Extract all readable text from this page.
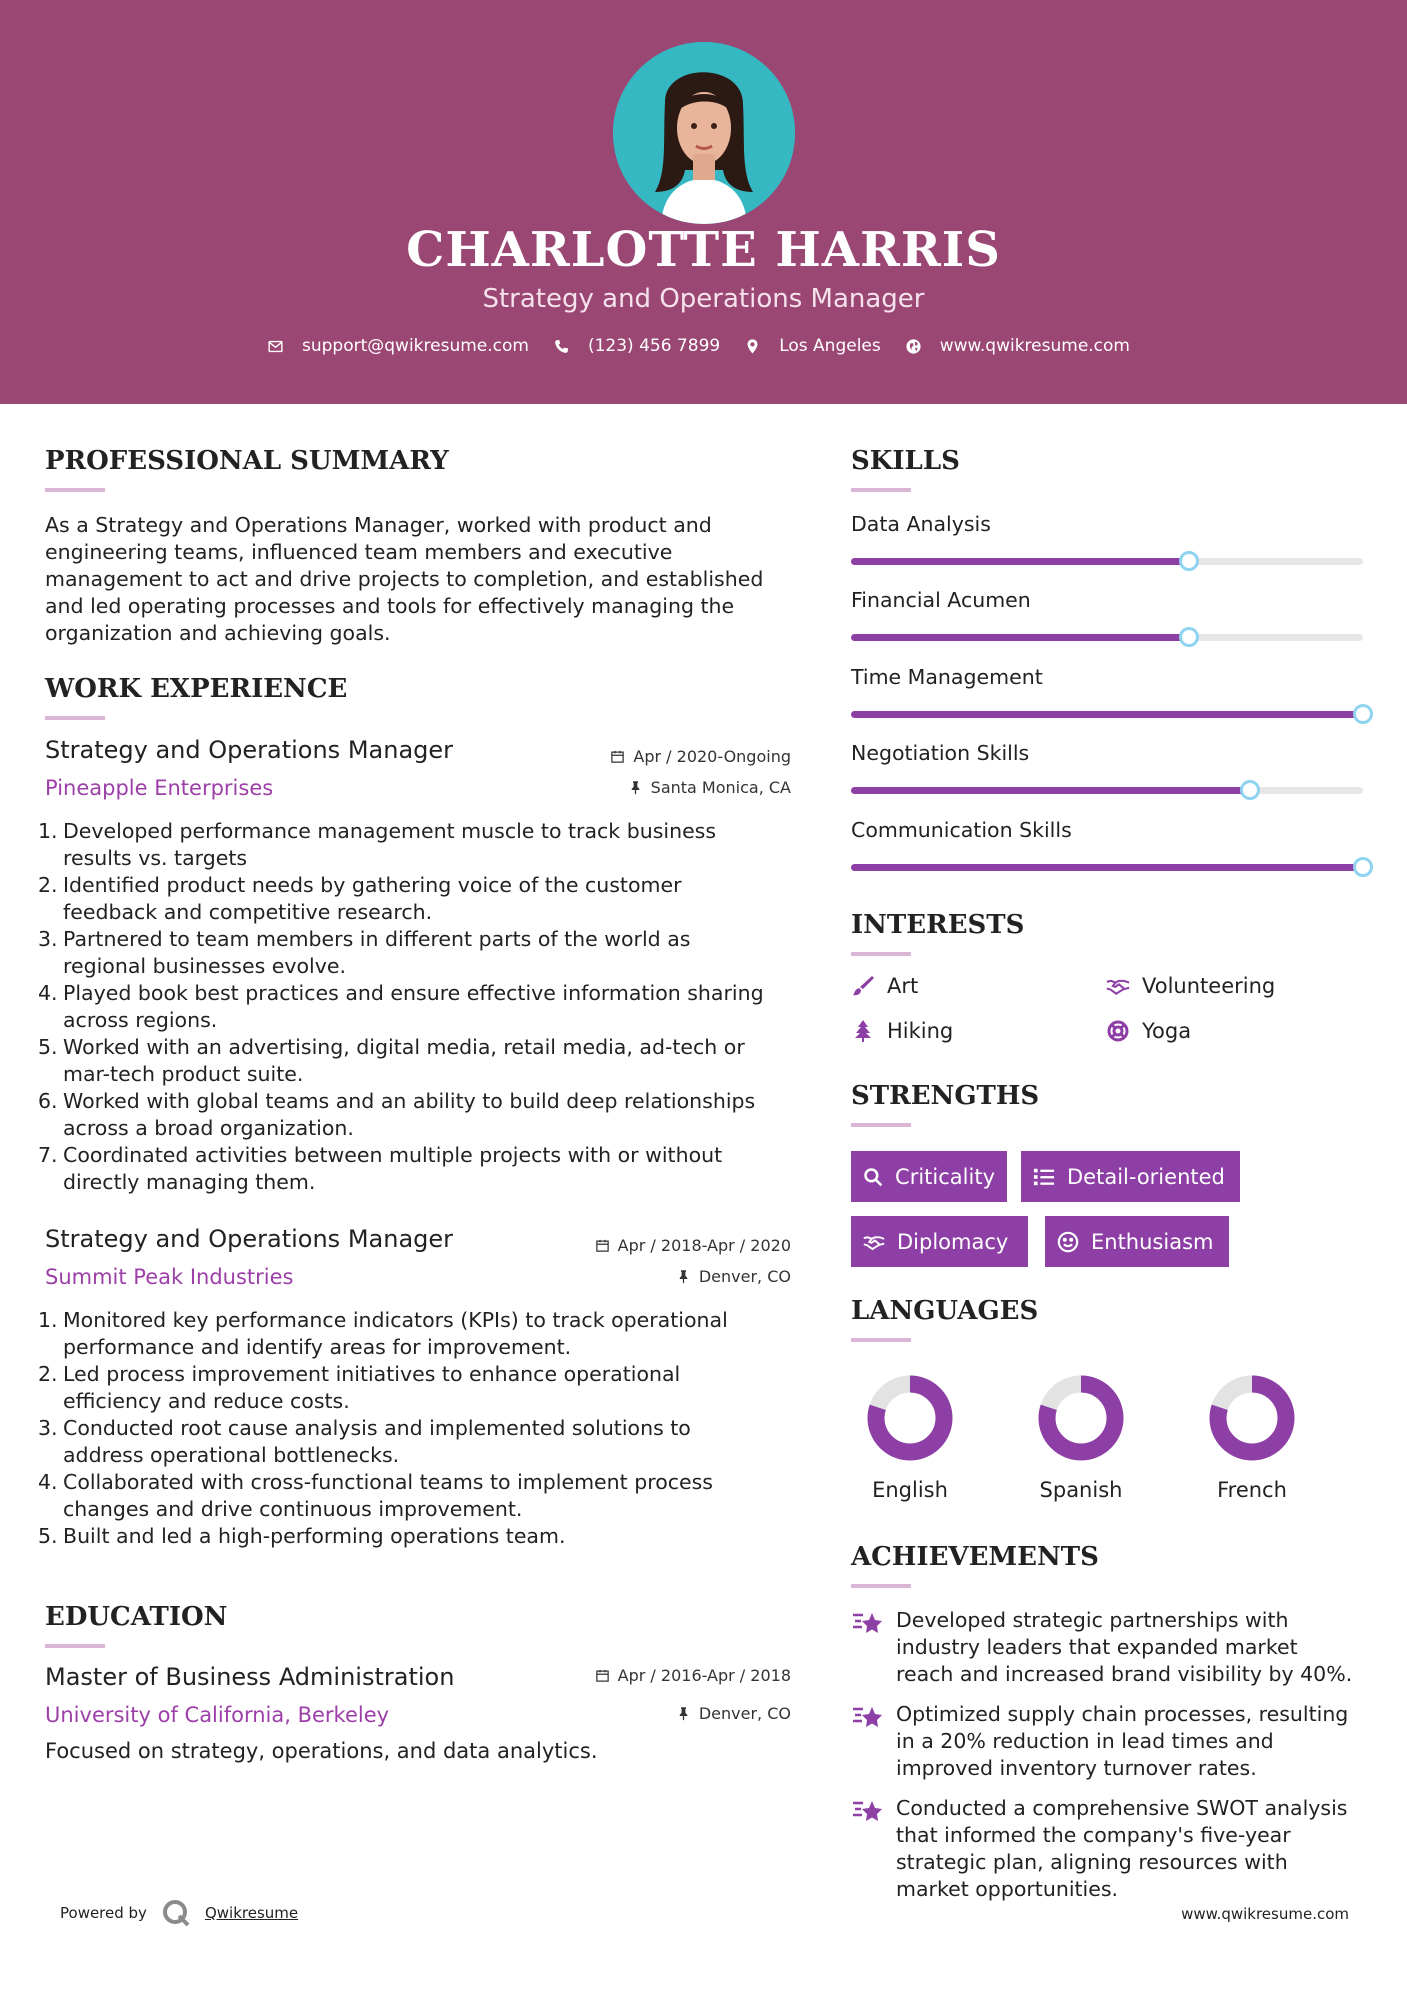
CHARLOTTE HARRIS
Strategy and Operations Manager
support@qwikresume.com	(123) 456 7899	Los Angeles	www.qwikresume.com
PROFESSIONAL SUMMARY
As a Strategy and Operations Manager, worked with product and
engineering teams, influenced team members and executive
management to act and drive projects to completion, and established
and led operating processes and tools for effectively managing the
organization and achieving goals.
WORK EXPERIENCE
Strategy and Operations Manager
Pineapple Enterprises
Apr / 2020-Ongoing
Santa Monica, CA
1. Developed performance management muscle to track business
results vs. targets
2. Identified product needs by gathering voice of the customer
feedback and competitive research.
3. Partnered to team members in different parts of the world as
regional businesses evolve.
4. Played book best practices and ensure effective information sharing
across regions.
5. Worked with an advertising, digital media, retail media, ad-tech or
mar-tech product suite.
6. Worked with global teams and an ability to build deep relationships
across a broad organization.
7. Coordinated activities between multiple projects with or without
directly managing them.
Strategy and Operations Manager
Summit Peak Industries
Apr / 2018-Apr / 2020
Denver, CO
1. Monitored key performance indicators (KPIs) to track operational
performance and identify areas for improvement.
2. Led process improvement initiatives to enhance operational
efficiency and reduce costs.
3. Conducted root cause analysis and implemented solutions to
address operational bottlenecks.
4. Collaborated with cross-functional teams to implement process
changes and drive continuous improvement.
5. Built and led a high-performing operations team.
EDUCATION
Master of Business Administration
University of California, Berkeley
Apr / 2016-Apr / 2018
Denver, CO
Focused on strategy, operations, and data analytics.
SKILLS
Data Analysis
Financial Acumen
Time Management
Negotiation Skills
Communication Skills
INTERESTS
Art	Volunteering
Hiking	Yoga
STRENGTHS
Criticality	Detail-oriented
Diplomacy	Enthusiasm
LANGUAGES
English	Spanish	French
ACHIEVEMENTS
Developed strategic partnerships with
industry leaders that expanded market
reach and increased brand visibility by 40%.
Optimized supply chain processes, resulting
in a 20% reduction in lead times and
improved inventory turnover rates.
Conducted a comprehensive SWOT analysis
that informed the company's five-year
strategic plan, aligning resources with
market opportunities.
Powered by	Qwikresume	www.qwikresume.com
